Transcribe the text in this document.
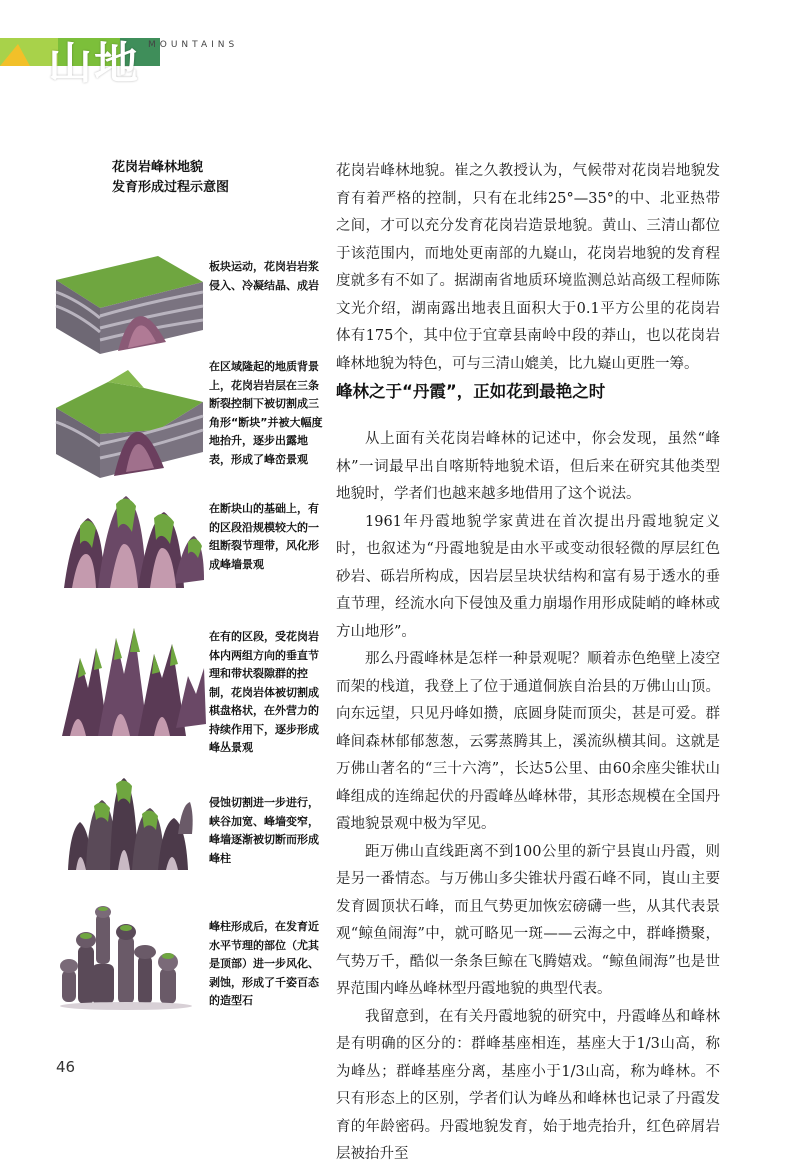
山地 MOUNTAINS
花岗岩峰林地貌
发育形成过程示意图
板块运动，花岗岩岩浆侵入、冷凝结晶、成岩
在区域隆起的地质背景上，花岗岩岩层在三条断裂控制下被切割成三角形“断块”并被大幅度地抬升，逐步出露地表，形成了峰峦景观
在断块山的基础上，有的区段沿规模较大的一组断裂节理带，风化形成峰墙景观
在有的区段，受花岗岩体内两组方向的垂直节理和带状裂隙群的控制，花岗岩体被切割成棋盘格状，在外营力的持续作用下，逐步形成峰丛景观
侵蚀切割进一步进行，峡谷加宽、峰墙变窄，峰墙逐渐被切断而形成峰柱
峰柱形成后，在发育近水平节理的部位（尤其是顶部）进一步风化、剥蚀，形成了千姿百态的造型石

花岗岩峰林地貌。崔之久教授认为，气候带对花岗岩地貌发育有着严格的控制，只有在北纬25°—35°的中、北亚热带之间，才可以充分发育花岗岩造景地貌。黄山、三清山都位于该范围内，而地处更南部的九嶷山，花岗岩地貌的发育程度就多有不如了。据湖南省地质环境监测总站高级工程师陈文光介绍，湖南露出地表且面积大于0.1平方公里的花岗岩体有175个，其中位于宜章县南岭中段的莽山，也以花岗岩峰林地貌为特色，可与三清山媲美，比九嶷山更胜一筹。

峰林之于“丹霞”，正如花到最艳之时

从上面有关花岗岩峰林的记述中，你会发现，虽然“峰林”一词最早出自喀斯特地貌术语，但后来在研究其他类型地貌时，学者们也越来越多地借用了这个说法。

1961年丹霞地貌学家黄进在首次提出丹霞地貌定义时，也叙述为“丹霞地貌是由水平或变动很轻微的厚层红色砂岩、砾岩所构成，因岩层呈块状结构和富有易于透水的垂直节理，经流水向下侵蚀及重力崩塌作用形成陡峭的峰林或方山地形”。

那么丹霞峰林是怎样一种景观呢？顺着赤色绝壁上凌空而架的栈道，我登上了位于通道侗族自治县的万佛山山顶。向东远望，只见丹峰如攒，底圆身陡而顶尖，甚是可爱。群峰间森林郁郁葱葱，云雾蒸腾其上，溪流纵横其间。这就是万佛山著名的“三十六湾”，长达5公里、由60余座尖锥状山峰组成的连绵起伏的丹霞峰丛峰林带，其形态规模在全国丹霞地貌景观中极为罕见。

距万佛山直线距离不到100公里的新宁县崀山丹霞，则是另一番情态。与万佛山多尖锥状丹霞石峰不同，崀山主要发育圆顶状石峰，而且气势更加恢宏磅礴一些，从其代表景观“鲸鱼闹海”中，就可略见一斑——云海之中，群峰攒聚，气势万千，酷似一条条巨鲸在飞腾嬉戏。“鲸鱼闹海”也是世界范围内峰丛峰林型丹霞地貌的典型代表。

我留意到，在有关丹霞地貌的研究中，丹霞峰丛和峰林是有明确的区分的：群峰基座相连，基座大于1/3山高，称为峰丛；群峰基座分离，基座小于1/3山高，称为峰林。不只有形态上的区别，学者们认为峰丛和峰林也记录了丹霞发育的年龄密码。丹霞地貌发育，始于地壳抬升，红色碎屑岩层被抬升至

46
